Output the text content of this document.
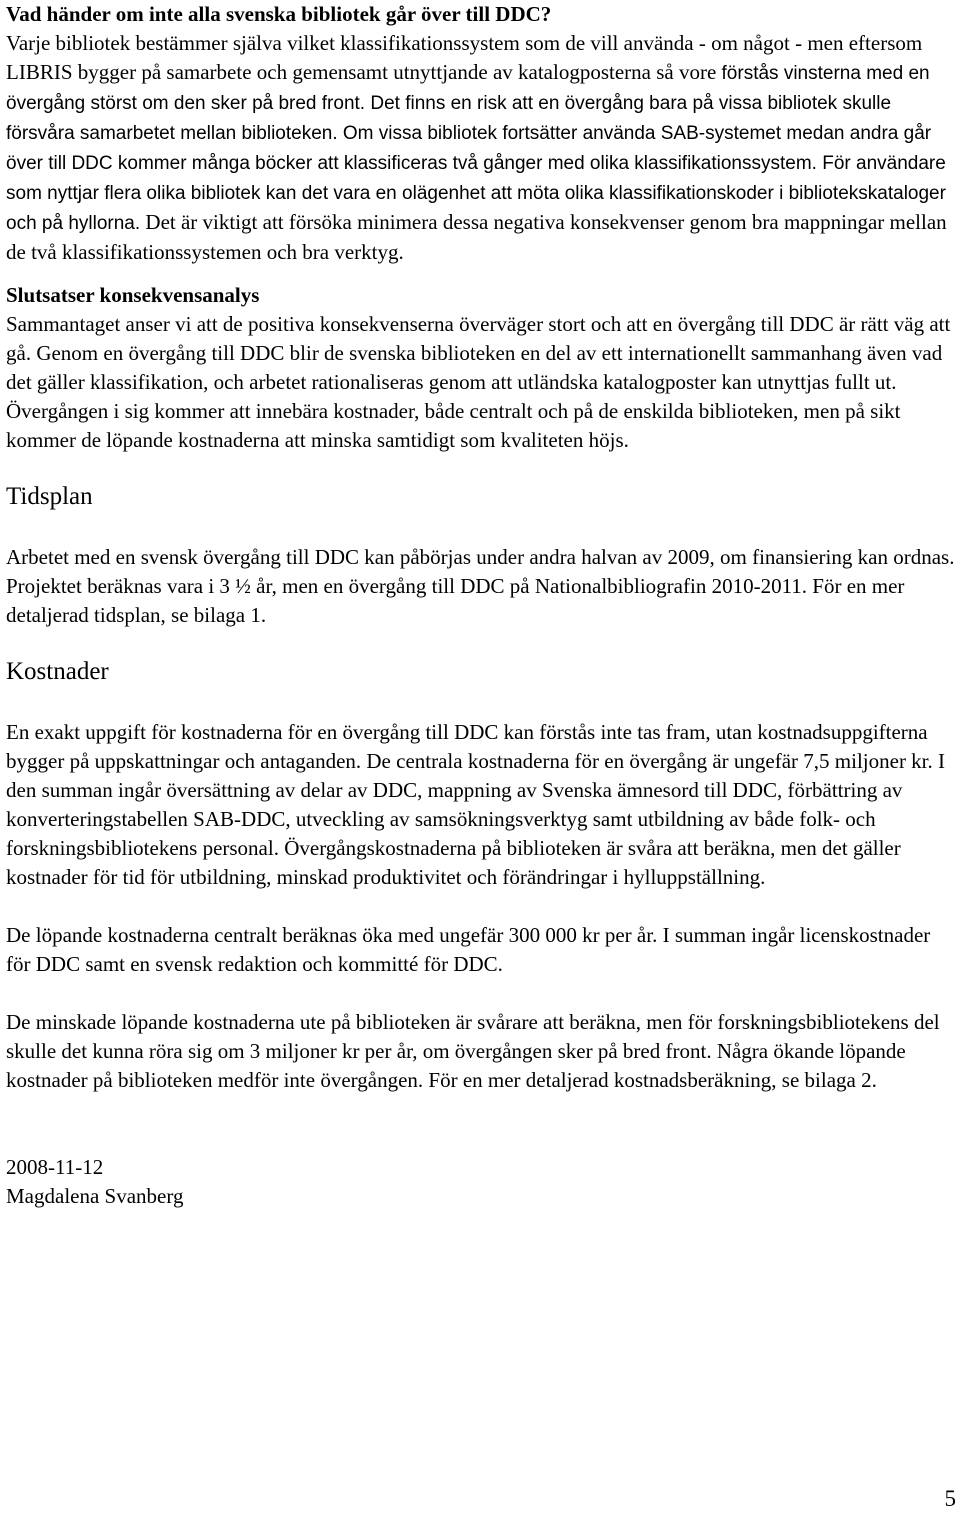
Vad händer om inte alla svenska bibliotek går över till DDC?

Varje bibliotek bestämmer själva vilket klassifikationssystem som de vill använda - om något - men eftersom LIBRIS bygger på samarbete och gemensamt utnyttjande av katalogposterna så vore förstås vinsterna med en övergång störst om den sker på bred front. Det finns en risk att en övergång bara på vissa bibliotek skulle försvåra samarbetet mellan biblioteken. Om vissa bibliotek fortsätter använda SAB-systemet medan andra går över till DDC kommer många böcker att klassificeras två gånger med olika klassifikationssystem. För användare som nyttjar flera olika bibliotek kan det vara en olägenhet att möta olika klassifikationskoder i bibliotekskataloger och på hyllorna. Det är viktigt att försöka minimera dessa negativa konsekvenser genom bra mappningar mellan de två klassifikationssystemen och bra verktyg.

Slutsatser konsekvensanalys

Sammantaget anser vi att de positiva konsekvenserna överväger stort och att en övergång till DDC är rätt väg att gå. Genom en övergång till DDC blir de svenska biblioteken en del av ett internationellt sammanhang även vad det gäller klassifikation, och arbetet rationaliseras genom att utländska katalogposter kan utnyttjas fullt ut. Övergången i sig kommer att innebära kostnader, både centralt och på de enskilda biblioteken, men på sikt kommer de löpande kostnaderna att minska samtidigt som kvaliteten höjs.

Tidsplan

Arbetet med en svensk övergång till DDC kan påbörjas under andra halvan av 2009, om finansiering kan ordnas. Projektet beräknas vara i 3 ½ år, men en övergång till DDC på Nationalbibliografin 2010-2011. För en mer detaljerad tidsplan, se bilaga 1.

Kostnader

En exakt uppgift för kostnaderna för en övergång till DDC kan förstås inte tas fram, utan kostnadsuppgifterna bygger på uppskattningar och antaganden. De centrala kostnaderna för en övergång är ungefär 7,5 miljoner kr. I den summan ingår översättning av delar av DDC, mappning av Svenska ämnesord till DDC, förbättring av konverteringstabellen SAB-DDC, utveckling av samsökningsverktyg samt utbildning av både folk- och forskningsbibliotekens personal. Övergångskostnaderna på biblioteken är svåra att beräkna, men det gäller kostnader för tid för utbildning, minskad produktivitet och förändringar i hylluppställning.

De löpande kostnaderna centralt beräknas öka med ungefär 300 000 kr per år. I summan ingår licenskostnader för DDC samt en svensk redaktion och kommitté för DDC.

De minskade löpande kostnaderna ute på biblioteken är svårare att beräkna, men för forskningsbibliotekens del skulle det kunna röra sig om 3 miljoner kr per år, om övergången sker på bred front. Några ökande löpande kostnader på biblioteken medför inte övergången. För en mer detaljerad kostnadsberäkning, se bilaga 2.

2008-11-12

Magdalena Svanberg

5
